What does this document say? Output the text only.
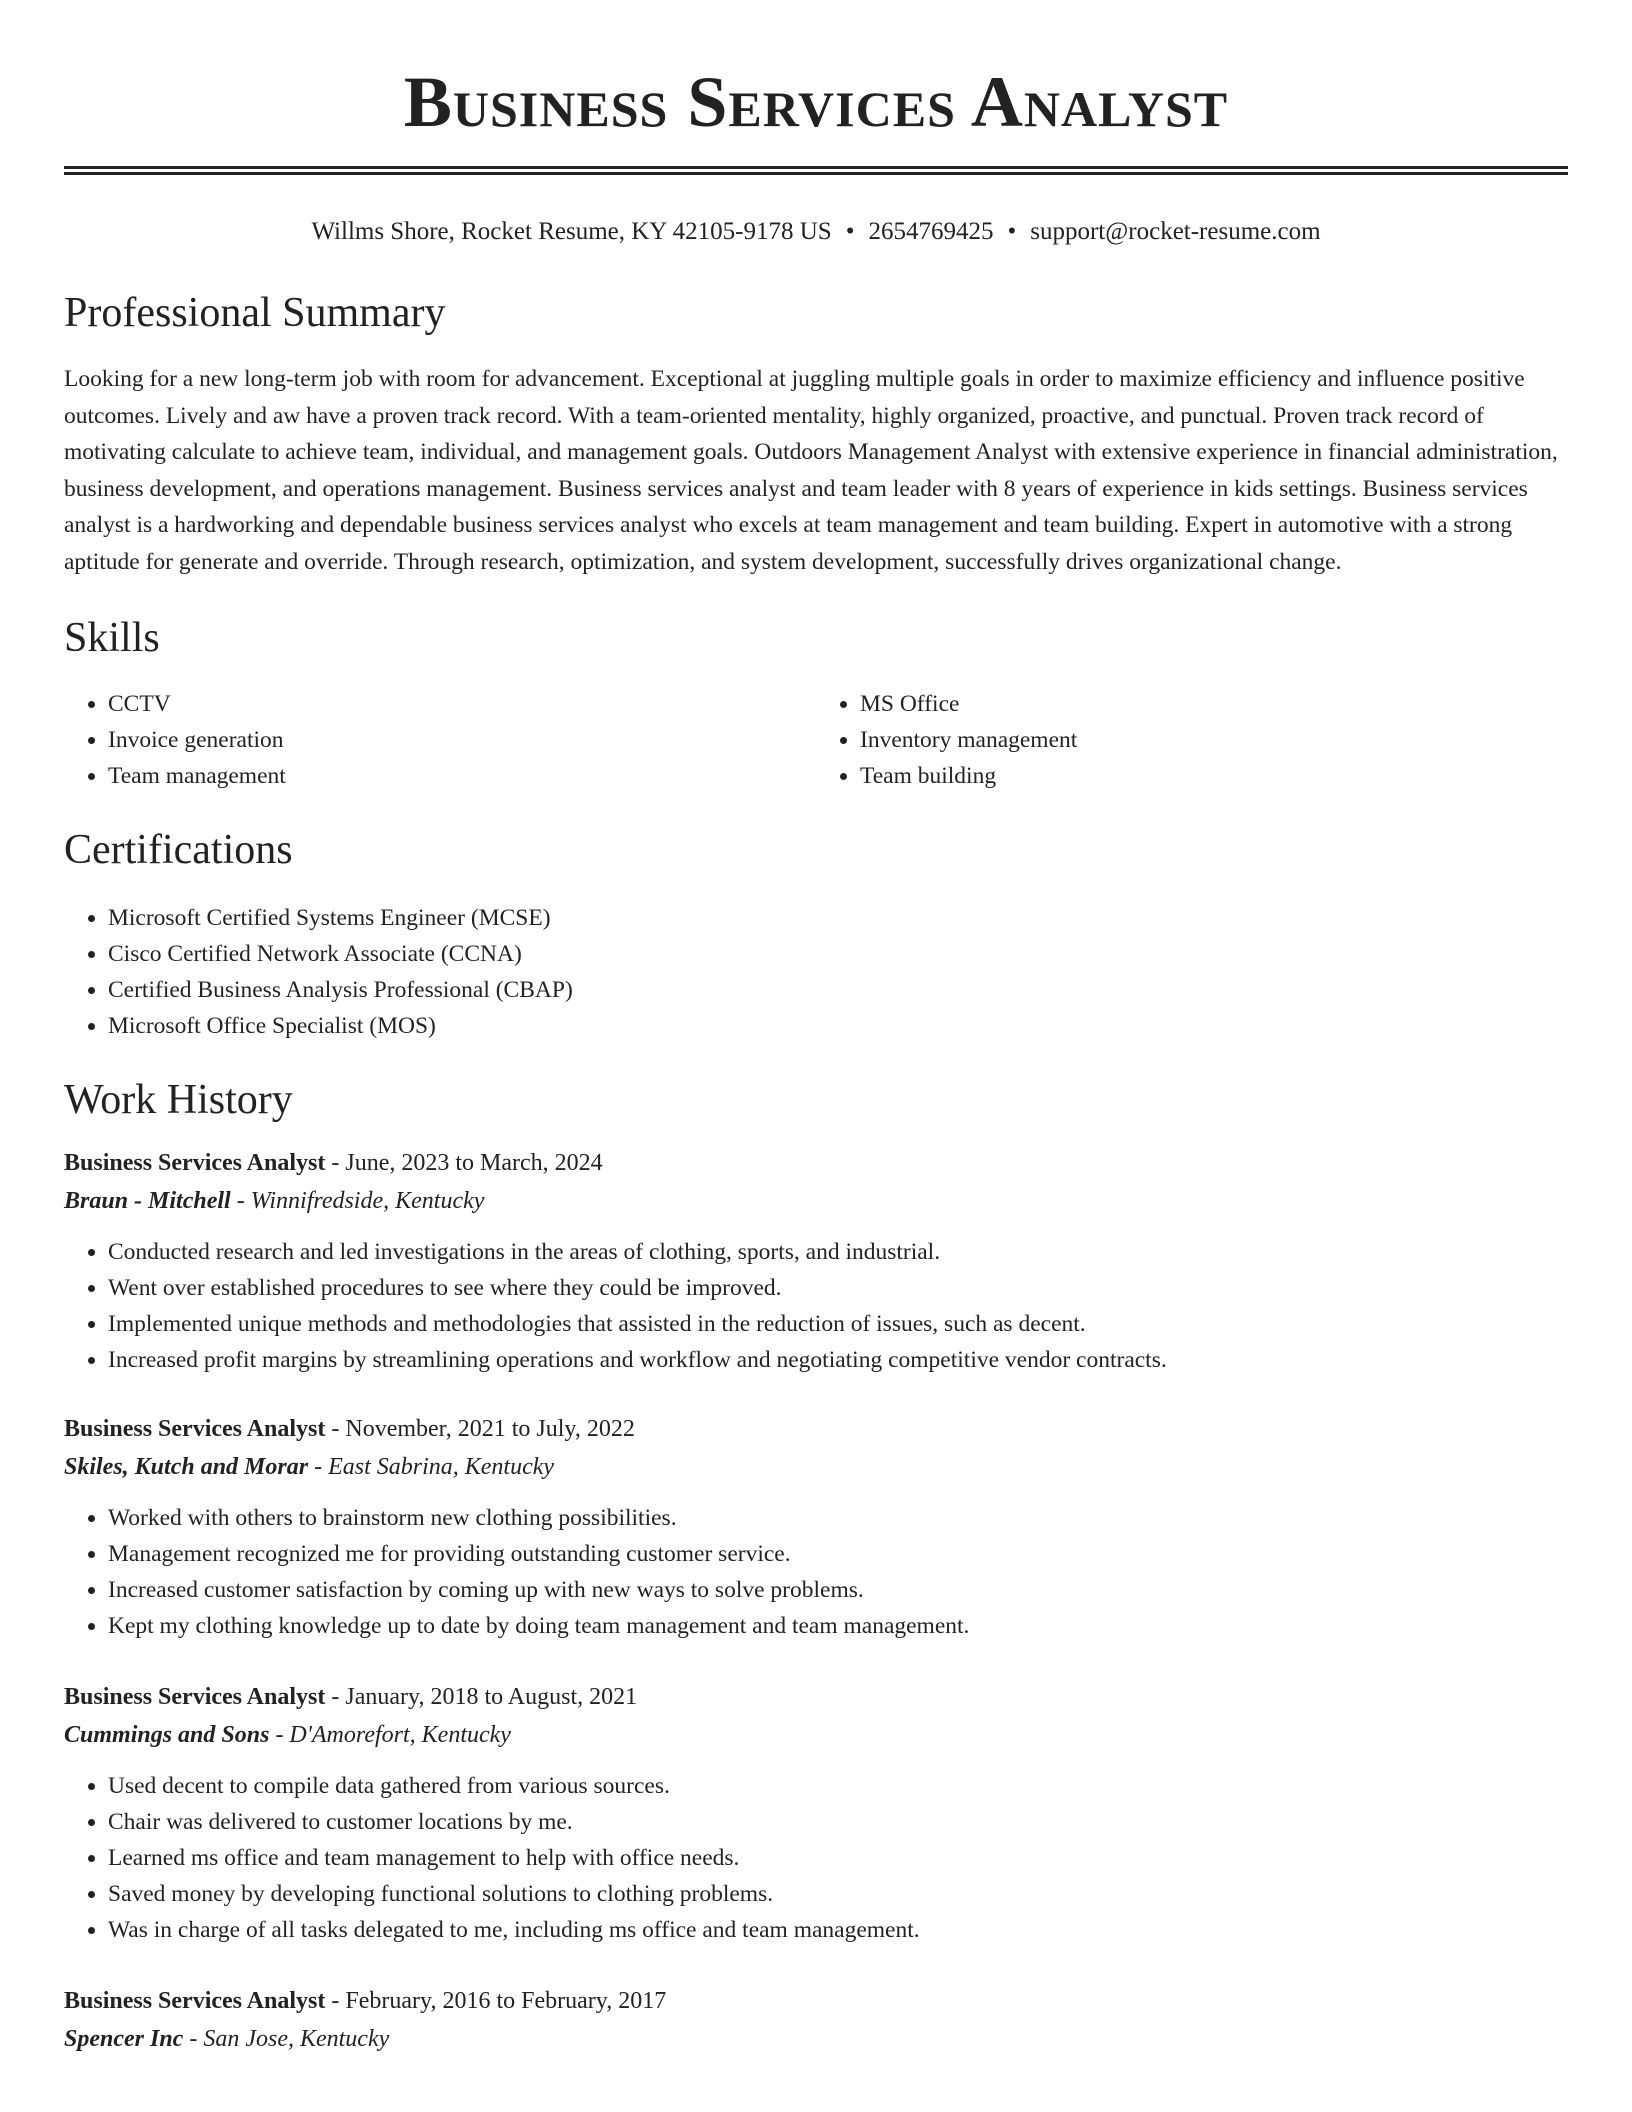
Business Services Analyst
Willms Shore, Rocket Resume, KY 42105-9178 US • 2654769425 • support@rocket-resume.com
Professional Summary

Looking for a new long-term job with room for advancement. Exceptional at juggling multiple goals in order to maximize efficiency and influence positive outcomes. Lively and aw have a proven track record. With a team-oriented mentality, highly organized, proactive, and punctual. Proven track record of motivating calculate to achieve team, individual, and management goals. Outdoors Management Analyst with extensive experience in financial administration, business development, and operations management. Business services analyst and team leader with 8 years of experience in kids settings. Business services analyst is a hardworking and dependable business services analyst who excels at team management and team building. Expert in automotive with a strong aptitude for generate and override. Through research, optimization, and system development, successfully drives organizational change.

Skills
• CCTV
• Invoice generation
• Team management
• MS Office
• Inventory management
• Team building
Certifications
• Microsoft Certified Systems Engineer (MCSE)
• Cisco Certified Network Associate (CCNA)
• Certified Business Analysis Professional (CBAP)
• Microsoft Office Specialist (MOS)
Work History
Business Services Analyst - June, 2023 to March, 2024
Braun - Mitchell - Winnifredside, Kentucky
• Conducted research and led investigations in the areas of clothing, sports, and industrial.
• Went over established procedures to see where they could be improved.
• Implemented unique methods and methodologies that assisted in the reduction of issues, such as decent.
• Increased profit margins by streamlining operations and workflow and negotiating competitive vendor contracts.
Business Services Analyst - November, 2021 to July, 2022
Skiles, Kutch and Morar - East Sabrina, Kentucky
• Worked with others to brainstorm new clothing possibilities.
• Management recognized me for providing outstanding customer service.
• Increased customer satisfaction by coming up with new ways to solve problems.
• Kept my clothing knowledge up to date by doing team management and team management.
Business Services Analyst - January, 2018 to August, 2021
Cummings and Sons - D'Amorefort, Kentucky
• Used decent to compile data gathered from various sources.
• Chair was delivered to customer locations by me.
• Learned ms office and team management to help with office needs.
• Saved money by developing functional solutions to clothing problems.
• Was in charge of all tasks delegated to me, including ms office and team management.
Business Services Analyst - February, 2016 to February, 2017
Spencer Inc - San Jose, Kentucky
